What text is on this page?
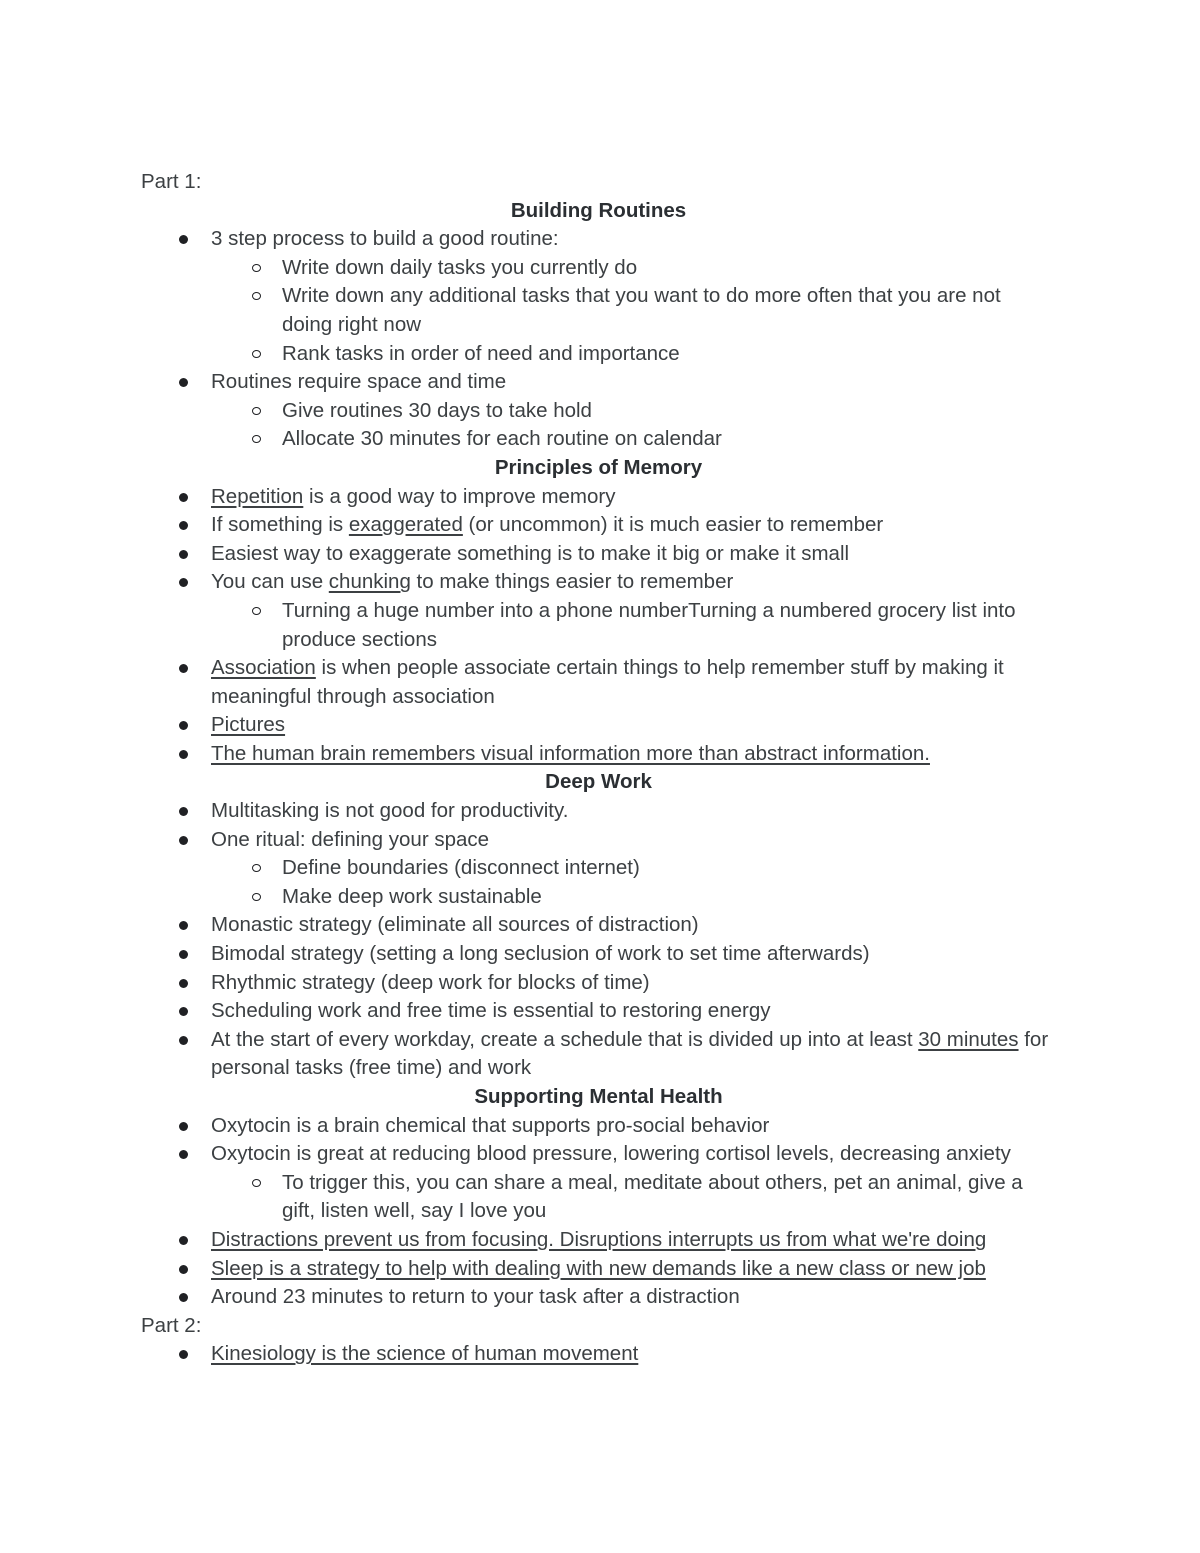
Part 1:

Building Routines

3 step process to build a good routine:
Write down daily tasks you currently do
Write down any additional tasks that you want to do more often that you are not doing right now
Rank tasks in order of need and importance
Routines require space and time
Give routines 30 days to take hold
Allocate 30 minutes for each routine on calendar

Principles of Memory

Repetition is a good way to improve memory
If something is exaggerated (or uncommon) it is much easier to remember
Easiest way to exaggerate something is to make it big or make it small
You can use chunking to make things easier to remember
Turning a huge number into a phone numberTurning a numbered grocery list into produce sections
Association is when people associate certain things to help remember stuff by making it meaningful through association
Pictures
The human brain remembers visual information more than abstract information.

Deep Work

Multitasking is not good for productivity.
One ritual: defining your space
Define boundaries (disconnect internet)
Make deep work sustainable
Monastic strategy (eliminate all sources of distraction)
Bimodal strategy (setting a long seclusion of work to set time afterwards)
Rhythmic strategy (deep work for blocks of time)
Scheduling work and free time is essential to restoring energy
At the start of every workday, create a schedule that is divided up into at least 30 minutes for personal tasks (free time) and work

Supporting Mental Health

Oxytocin is a brain chemical that supports pro-social behavior
Oxytocin is great at reducing blood pressure, lowering cortisol levels, decreasing anxiety
To trigger this, you can share a meal, meditate about others, pet an animal, give a gift, listen well, say I love you
Distractions prevent us from focusing. Disruptions interrupts us from what we're doing
Sleep is a strategy to help with dealing with new demands like a new class or new job
Around 23 minutes to return to your task after a distraction

Part 2:

Kinesiology is the science of human movement
